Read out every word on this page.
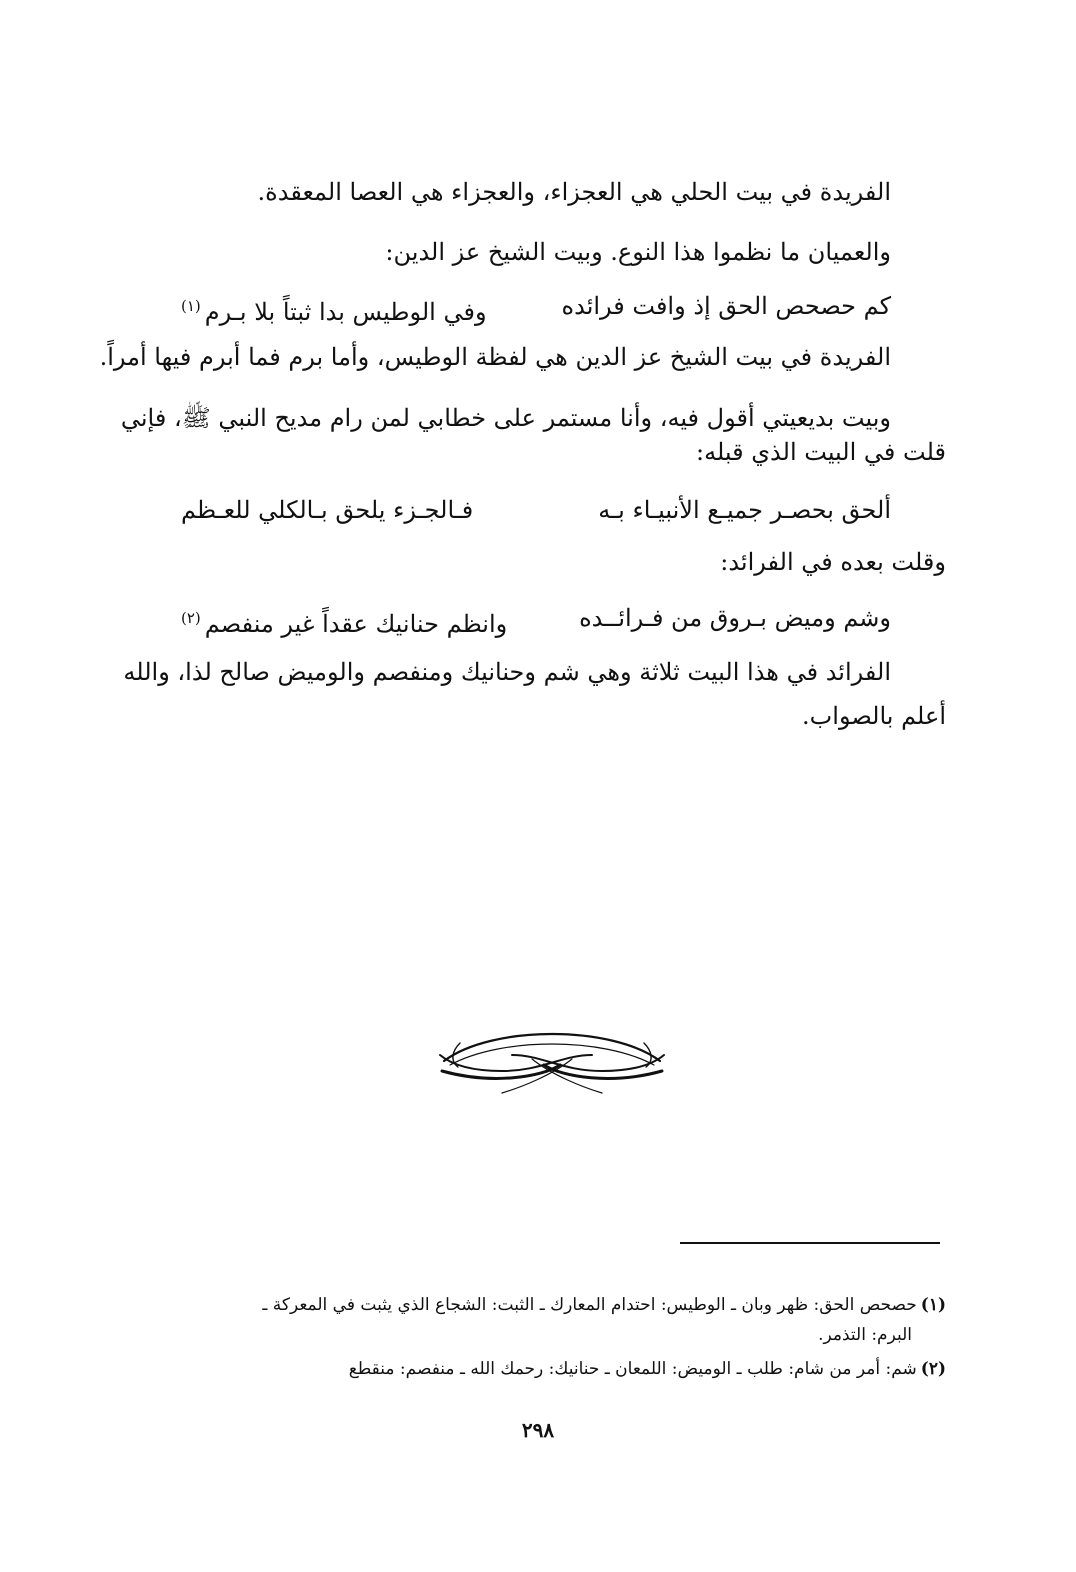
الفريدة في بيت الحلي هي العجزاء، والعجزاء هي العصا المعقدة.
والعميان ما نظموا هذا النوع. وبيت الشيخ عز الدين:
كم حصحص الحق إذ وافت فرائده
وفي الوطيس بدا ثبتاً بلا بـرم$^{(١)}$
الفريدة في بيت الشيخ عز الدين هي لفظة الوطيس، وأما برم فما أبرم فيها أمراً.
وبيت بديعيتي أقول فيه، وأنا مستمر على خطابي لمن رام مديح النبي ﷺ، فإني
قلت في البيت الذي قبله:
ألحق بحصـر جميـع الأنبيـاء بـه
فـالجـزء يلحق بـالكلي للعـظم
وقلت بعده في الفرائد:
وشم وميض بـروق من فـرائــده
وانظم حنانيك عقداً غير منفصم$^{(٢)}$
الفرائد في هذا البيت ثلاثة وهي شم وحنانيك ومنفصم والوميض صالح لذا، والله
أعلم بالصواب.
(١)حصحص الحق: ظهر وبان ـ الوطيس: احتدام المعارك ـ الثبت: الشجاع الذي يثبت في المعركة ـ
البرم: التذمر.
(٢)شم: أمر من شام: طلب ـ الوميض: اللمعان ـ حنانيك: رحمك الله ـ منفصم: منقطع
٢٩٨
